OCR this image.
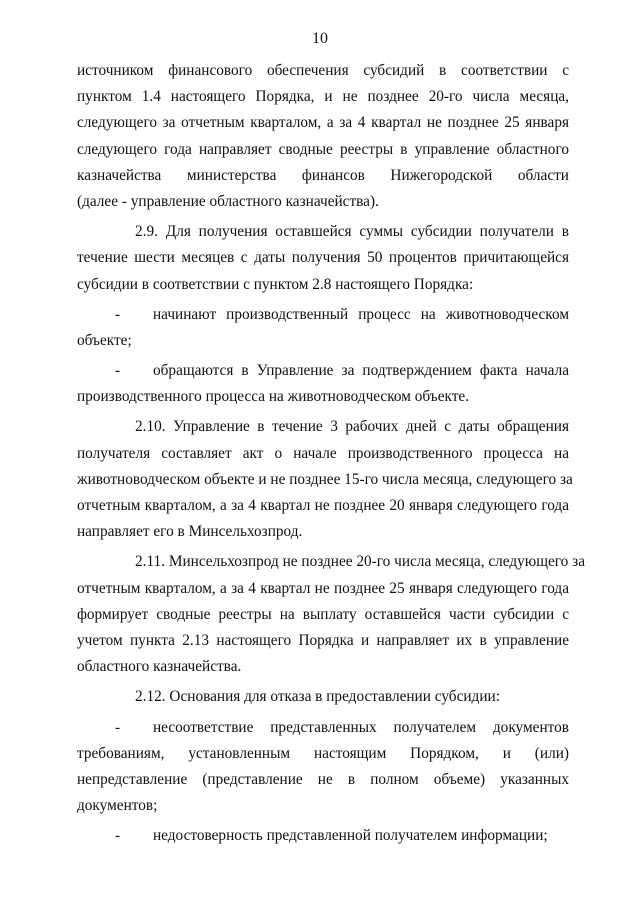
10
источником финансового обеспечения субсидий в соответствии с
пунктом 1.4 настоящего Порядка, и не позднее 20-го числа месяца,
следующего за отчетным кварталом, а за 4 квартал не позднее 25 января
следующего года направляет сводные реестры в управление областного
казначейства министерства финансов Нижегородской области
(далее - управление областного казначейства).
2.9. Для получения оставшейся суммы субсидии получатели в
течение шести месяцев с даты получения 50 процентов причитающейся
субсидии в соответствии с пунктом 2.8 настоящего Порядка:
- начинают производственный процесс на животноводческом
объекте;
- обращаются в Управление за подтверждением факта начала
производственного процесса на животноводческом объекте.
2.10. Управление в течение 3 рабочих дней с даты обращения
получателя составляет акт о начале производственного процесса на
животноводческом объекте и не позднее 15-го числа месяца, следующего за
отчетным кварталом, а за 4 квартал не позднее 20 января следующего года
направляет его в Минсельхозпрод.
2.11. Минсельхозпрод не позднее 20-го числа месяца, следующего за
отчетным кварталом, а за 4 квартал не позднее 25 января следующего года
формирует сводные реестры на выплату оставшейся части субсидии с
учетом пункта 2.13 настоящего Порядка и направляет их в управление
областного казначейства.
2.12. Основания для отказа в предоставлении субсидии:
- несоответствие представленных получателем документов
требованиям, установленным настоящим Порядком, и (или)
непредставление (представление не в полном объеме) указанных
документов;
- недостоверность представленной получателем информации;
